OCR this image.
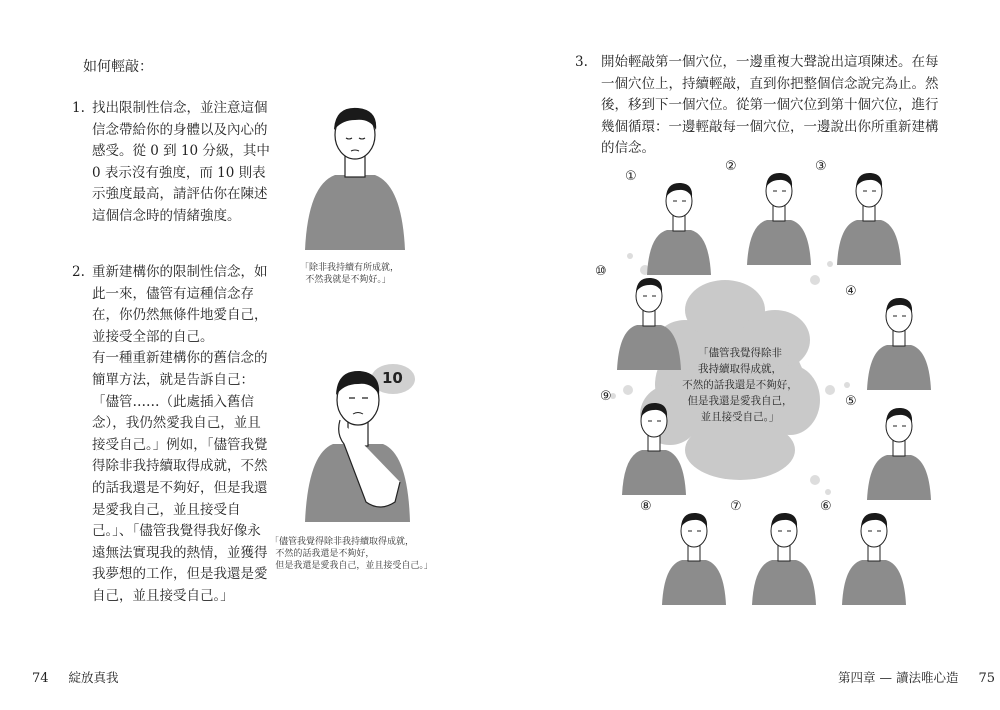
如何輕敲：
1. 找出限制性信念，並注意這個信念帶給你的身體以及內心的感受。從 0 到 10 分級，其中 0 表示沒有強度，而 10 則表示強度最高，請評估你在陳述這個信念時的情緒強度。

2. 重新建構你的限制性信念，如此一來，儘管有這種信念存在，你仍然無條件地愛自己，並接受全部的自己。

有一種重新建構你的舊信念的簡單方法，就是告訴自己：「儘管……（此處插入舊信念），我仍然愛我自己，並且接受自己。」例如，「儘管我覺得除非我持續取得成就，不然的話我還是不夠好，但是我還是愛我自己，並且接受自己。」、「儘管我覺得我好像永遠無法實現我的熱情，並獲得我夢想的工作，但是我還是愛自己，並且接受自己。」

「除非我持續有所成就，
不然我就是不夠好。」
10
「儘管我覺得除非我持續取得成就，
不然的話我還是不夠好，
但是我還是愛我自己，並且接受自己。」
74 綻放真我
3. 開始輕敲第一個穴位，一邊重複大聲說出這項陳述。在每一個穴位上，持續輕敲，直到你把整個信念說完為止。然後，移到下一個穴位。從第一個穴位到第十個穴位，進行幾個循環：一邊輕敲每一個穴位，一邊說出你所重新建構的信念。

「儘管我覺得除非
我持續取得成就，
不然的話我還是不夠好，
但是我還是愛我自己，
並且接受自己。」
①
②	③
④
⑤
⑥
⑦
⑧
⑨
⑩
第四章 — 讀法唯心造 75
